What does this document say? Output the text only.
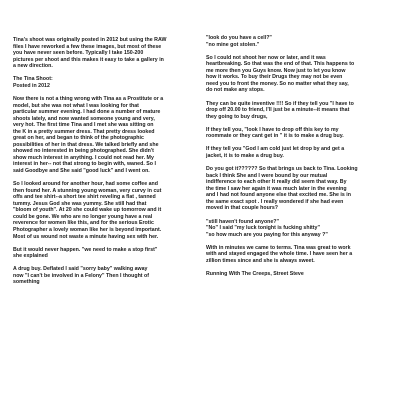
Tina's shoot was originally posted in 2012 but using the RAW
files I have reworked a few these images, but most of these
you have never seen before. Typically I take 150-200
pictures per shoot and this makes it easy to take a gallery in
a new direction.

The Tina Shoot:

Posted in 2012

Now there is not a thing wrong with Tina as a Prostitute or a
model, but she was not what I was looking for that
particular summer evening. I had done a number of mature
shoots lately, and now wanted someone young and very,
very hot. The first time Tina and I met she was sitting on
the K in a pretty summer dress. That pretty dress looked
great on her, and began to think of the photographic
possibilities of her in that dress. We talked briefly and she
showed no interested in being photographed. She didn't
show much interest in anything. I could not read her. My
interest in her-- not that strong to begin with, waned. So I
said Goodbye and She said "good luck" and I went on.

So I looked around for another hour, had some coffee and
then found her. A stunning young woman, very curvy in cut
offs and tee shirt--a short tee shirt reveling a flat , tanned
tummy. Jesus God she was yummy. She still had that
"bloom of youth". At 20 she could wake up tomorrow and it
could be gone. We who are no longer young have a real
reverence for women like this, and for the serious Erotic
Photographer a lovely woman like her is beyond important.
Most of us wound not waste a minute having sex with her.

But it would never happen. "we need to make a stop first"
she explained

A drug buy. Deflated I said "sorry baby" walking away
now "I can't be involved in a Felony" Then I thought of
something

"look do you have a cell?"
"no mine got stolen."

So I could not shoot her now or later, and it was
heartbreaking. So that was the end of that. This happens to
me more then you Guys know. Now just to let you know
how it works. To buy their Drugs they may not be even
need you to front the money. So no matter what they say,
do not make any stops.

They can be quite inventive !!!! So if they tell you "I have to
drop off 20.00 to friend, I'll just be a minute--it means that
they going to buy drugs,

If they tell you, "look I have to drop off this key to my
roommate or they cant get in " it is to make a drug buy.

If they tell you "God I am cold just let drop by and get a
jacket, it is to make a drug buy.

Do you got it?????? So that brings us back to Tina. Looking
back I think She and I were bound by our mutual
indifference to each other It really did seem that way. By
the time I saw her again it was much later in the evening
and I had not found anyone else that excited me. She is in
the same exact spot . I really wondered if she had even
moved in that couple hours?

"still haven't found anyone?"
"No" I said "my luck tonight is fucking shitty"
"so how much are you paying for this anyway ?"

With in minutes we came to terms. Tina was great to work
with and stayed engaged the whole time. I have seen her a
zillion times since and she is always sweet.

Running With The Creeps, Street Steve
